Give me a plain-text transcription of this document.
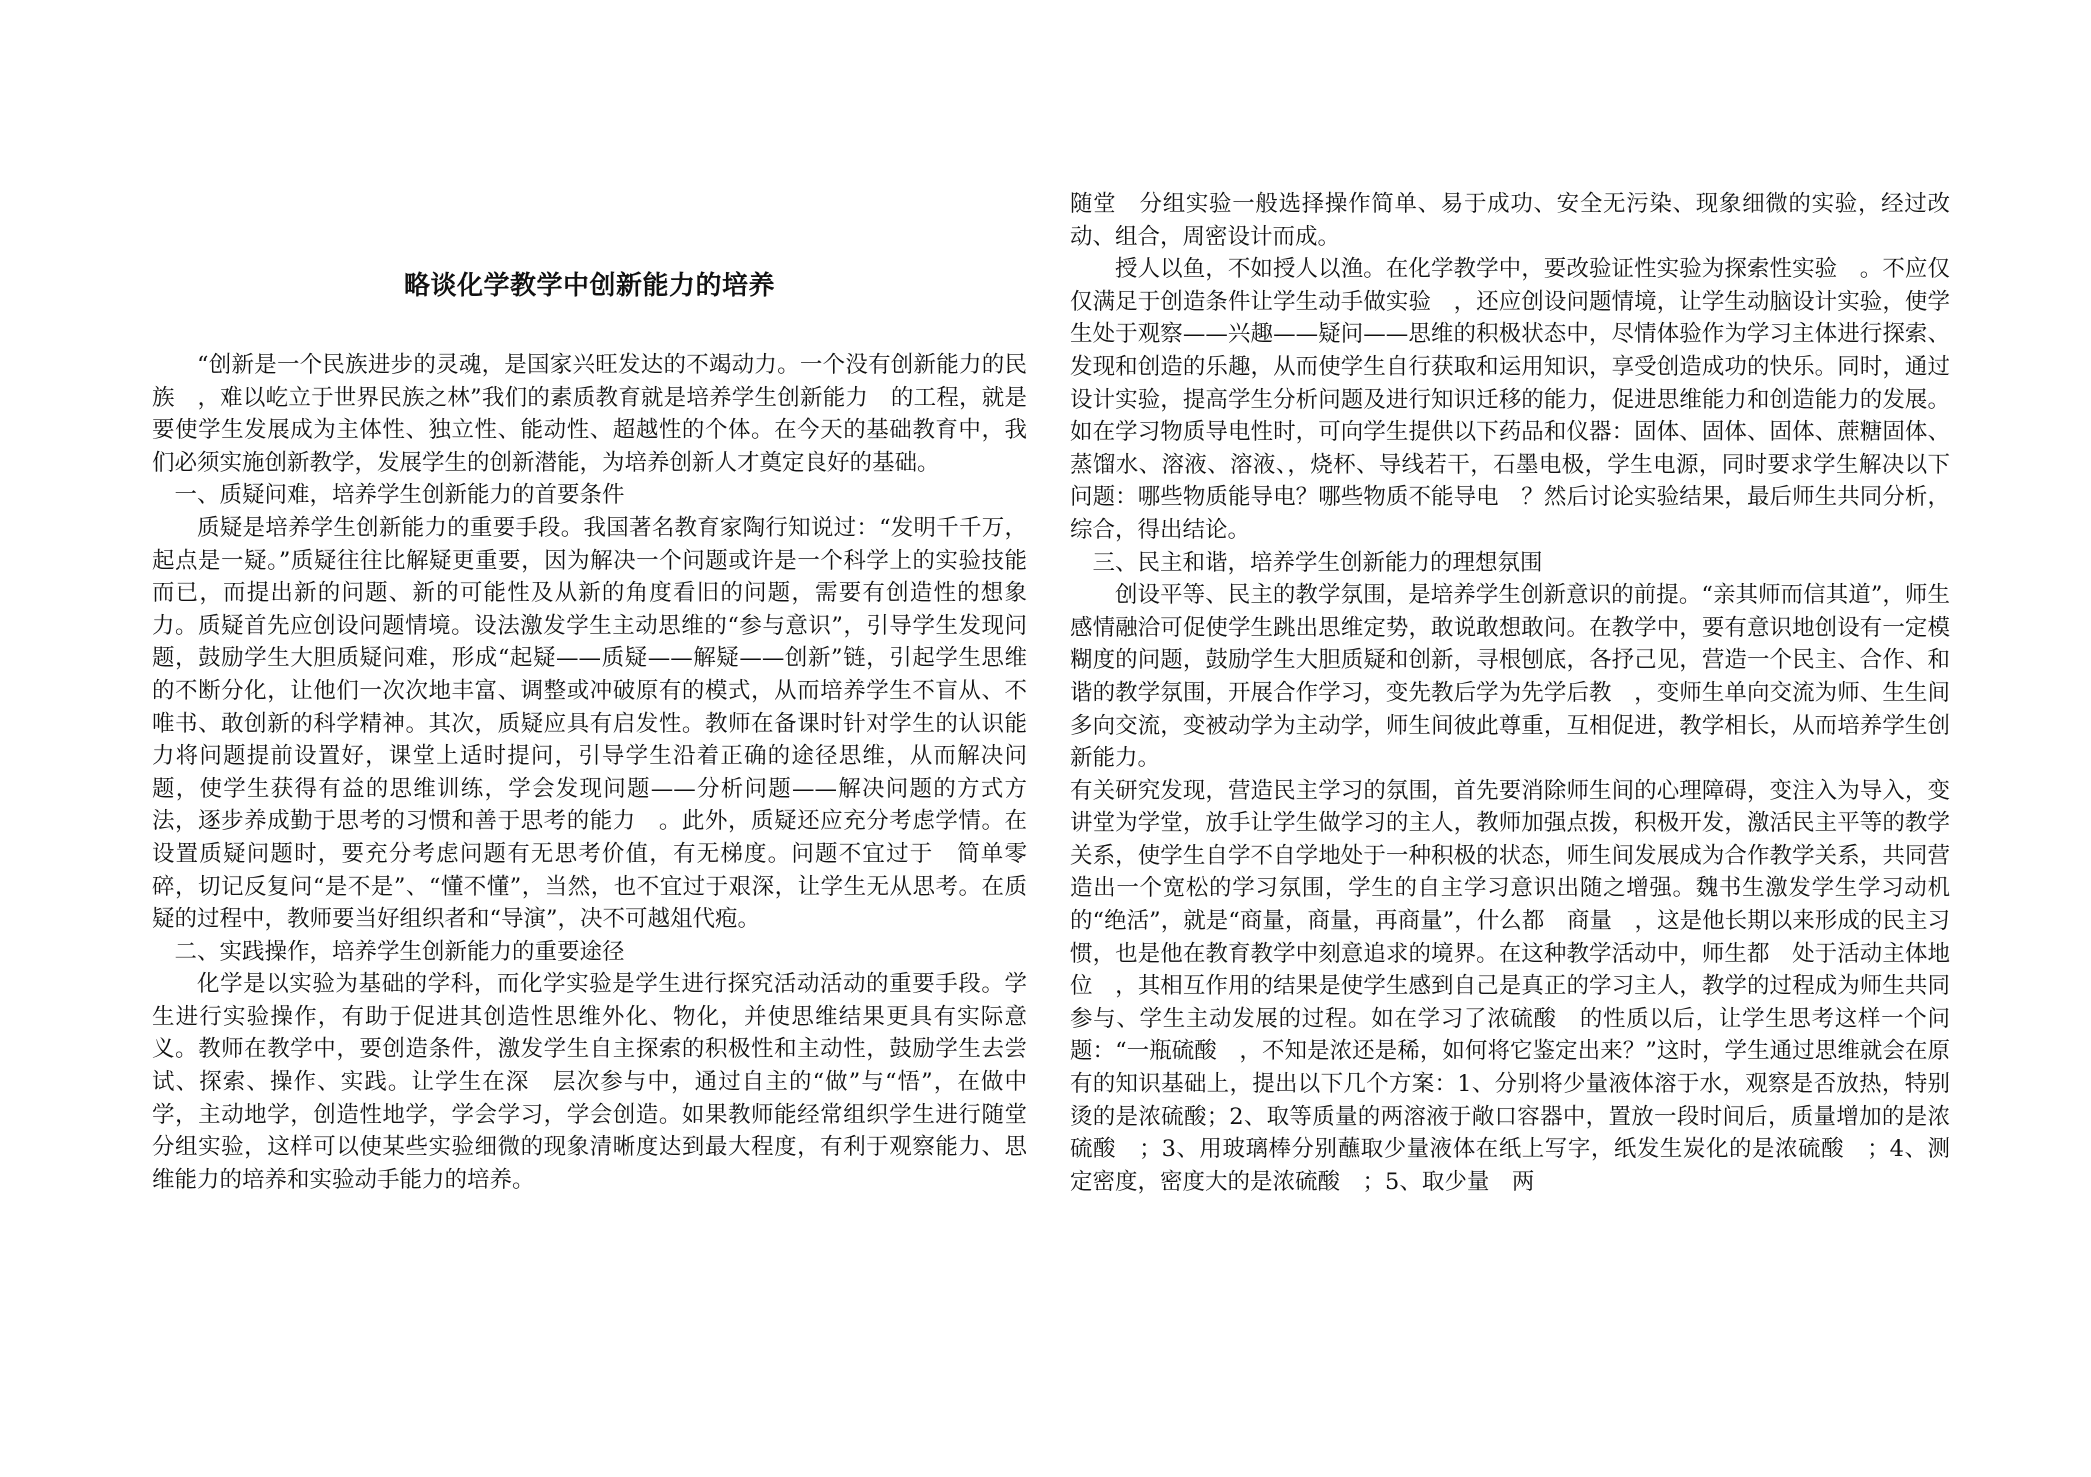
略谈化学教学中创新能力的培养

“创新是一个民族进步的灵魂，是国家兴旺发达的不竭动力。一个没有创新能力的民族　，难以屹立于世界民族之林”我们的素质教育就是培养学生创新能力　的工程，就是要使学生发展成为主体性、独立性、能动性、超越性的个体。在今天的基础教育中，我们必须实施创新教学，发展学生的创新潜能，为培养创新人才奠定良好的基础。

一、质疑问难，培养学生创新能力的首要条件

质疑是培养学生创新能力的重要手段。我国著名教育家陶行知说过：“发明千千万，起点是一疑。”质疑往往比解疑更重要，因为解决一个问题或许是一个科学上的实验技能而已，而提出新的问题、新的可能性及从新的角度看旧的问题，需要有创造性的想象力。质疑首先应创设问题情境。设法激发学生主动思维的“参与意识”，引导学生发现问题，鼓励学生大胆质疑问难，形成“起疑——质疑——解疑——创新”链，引起学生思维的不断分化，让他们一次次地丰富、调整或冲破原有的模式，从而培养学生不盲从、不唯书、敢创新的科学精神。其次，质疑应具有启发性。教师在备课时针对学生的认识能力将问题提前设置好，课堂上适时提问，引导学生沿着正确的途径思维，从而解决问题，使学生获得有益的思维训练，学会发现问题——分析问题——解决问题的方式方法，逐步养成勤于思考的习惯和善于思考的能力　。此外，质疑还应充分考虑学情。在设置质疑问题时，要充分考虑问题有无思考价值，有无梯度。问题不宜过于　简单零碎，切记反复问“是不是”、“懂不懂”，当然，也不宜过于艰深，让学生无从思考。在质疑的过程中，教师要当好组织者和“导演”，决不可越俎代疱。

二、实践操作，培养学生创新能力的重要途径

化学是以实验为基础的学科，而化学实验是学生进行探究活动活动的重要手段。学生进行实验操作，有助于促进其创造性思维外化、物化，并使思维结果更具有实际意义。教师在教学中，要创造条件，激发学生自主探索的积极性和主动性，鼓励学生去尝试、探索、操作、实践。让学生在深　层次参与中，通过自主的“做”与“悟”，在做中学，主动地学，创造性地学，学会学习，学会创造。如果教师能经常组织学生进行随堂分组实验，这样可以使某些实验细微的现象清晰度达到最大程度，有利于观察能力、思维能力的培养和实验动手能力的培养。

随堂　分组实验一般选择操作简单、易于成功、安全无污染、现象细微的实验，经过改动、组合，周密设计而成。

授人以鱼，不如授人以渔。在化学教学中，要改验证性实验为探索性实验　。不应仅仅满足于创造条件让学生动手做实验　，还应创设问题情境，让学生动脑设计实验，使学生处于观察——兴趣——疑问——思维的积极状态中，尽情体验作为学习主体进行探索、发现和创造的乐趣，从而使学生自行获取和运用知识，享受创造成功的快乐。同时，通过设计实验，提高学生分析问题及进行知识迁移的能力，促进思维能力和创造能力的发展。如在学习物质导电性时，可向学生提供以下药品和仪器：固体、固体、固体、蔗糖固体、蒸馏水、溶液、溶液、，烧杯、导线若干，石墨电极，学生电源，同时要求学生解决以下问题：哪些物质能导电？哪些物质不能导电　？然后讨论实验结果，最后师生共同分析，综合，得出结论。

三、民主和谐，培养学生创新能力的理想氛围

创设平等、民主的教学氛围，是培养学生创新意识的前提。“亲其师而信其道”，师生感情融洽可促使学生跳出思维定势，敢说敢想敢问。在教学中，要有意识地创设有一定模糊度的问题，鼓励学生大胆质疑和创新，寻根刨底，各抒己见，营造一个民主、合作、和谐的教学氛围，开展合作学习，变先教后学为先学后教　，变师生单向交流为师、生生间多向交流，变被动学为主动学，师生间彼此尊重，互相促进，教学相长，从而培养学生创新能力。

有关研究发现，营造民主学习的氛围，首先要消除师生间的心理障碍，变注入为导入，变讲堂为学堂，放手让学生做学习的主人，教师加强点拨，积极开发，激活民主平等的教学关系，使学生自学不自学地处于一种积极的状态，师生间发展成为合作教学关系，共同营造出一个宽松的学习氛围，学生的自主学习意识出随之增强。魏书生激发学生学习动机的“绝活”，就是“商量，商量，再商量”，什么都　商量　，这是他长期以来形成的民主习惯，也是他在教育教学中刻意追求的境界。在这种教学活动中，师生都　处于活动主体地位　，其相互作用的结果是使学生感到自己是真正的学习主人，教学的过程成为师生共同参与、学生主动发展的过程。如在学习了浓硫酸　的性质以后，让学生思考这样一个问题：“一瓶硫酸　，不知是浓还是稀，如何将它鉴定出来？”这时，学生通过思维就会在原有的知识基础上，提出以下几个方案：1、分别将少量液体溶于水，观察是否放热，特别烫的是浓硫酸；2、取等质量的两溶液于敞口容器中，置放一段时间后，质量增加的是浓硫酸　；3、用玻璃棒分别蘸取少量液体在纸上写字，纸发生炭化的是浓硫酸　；4、测定密度，密度大的是浓硫酸　；5、取少量　两
